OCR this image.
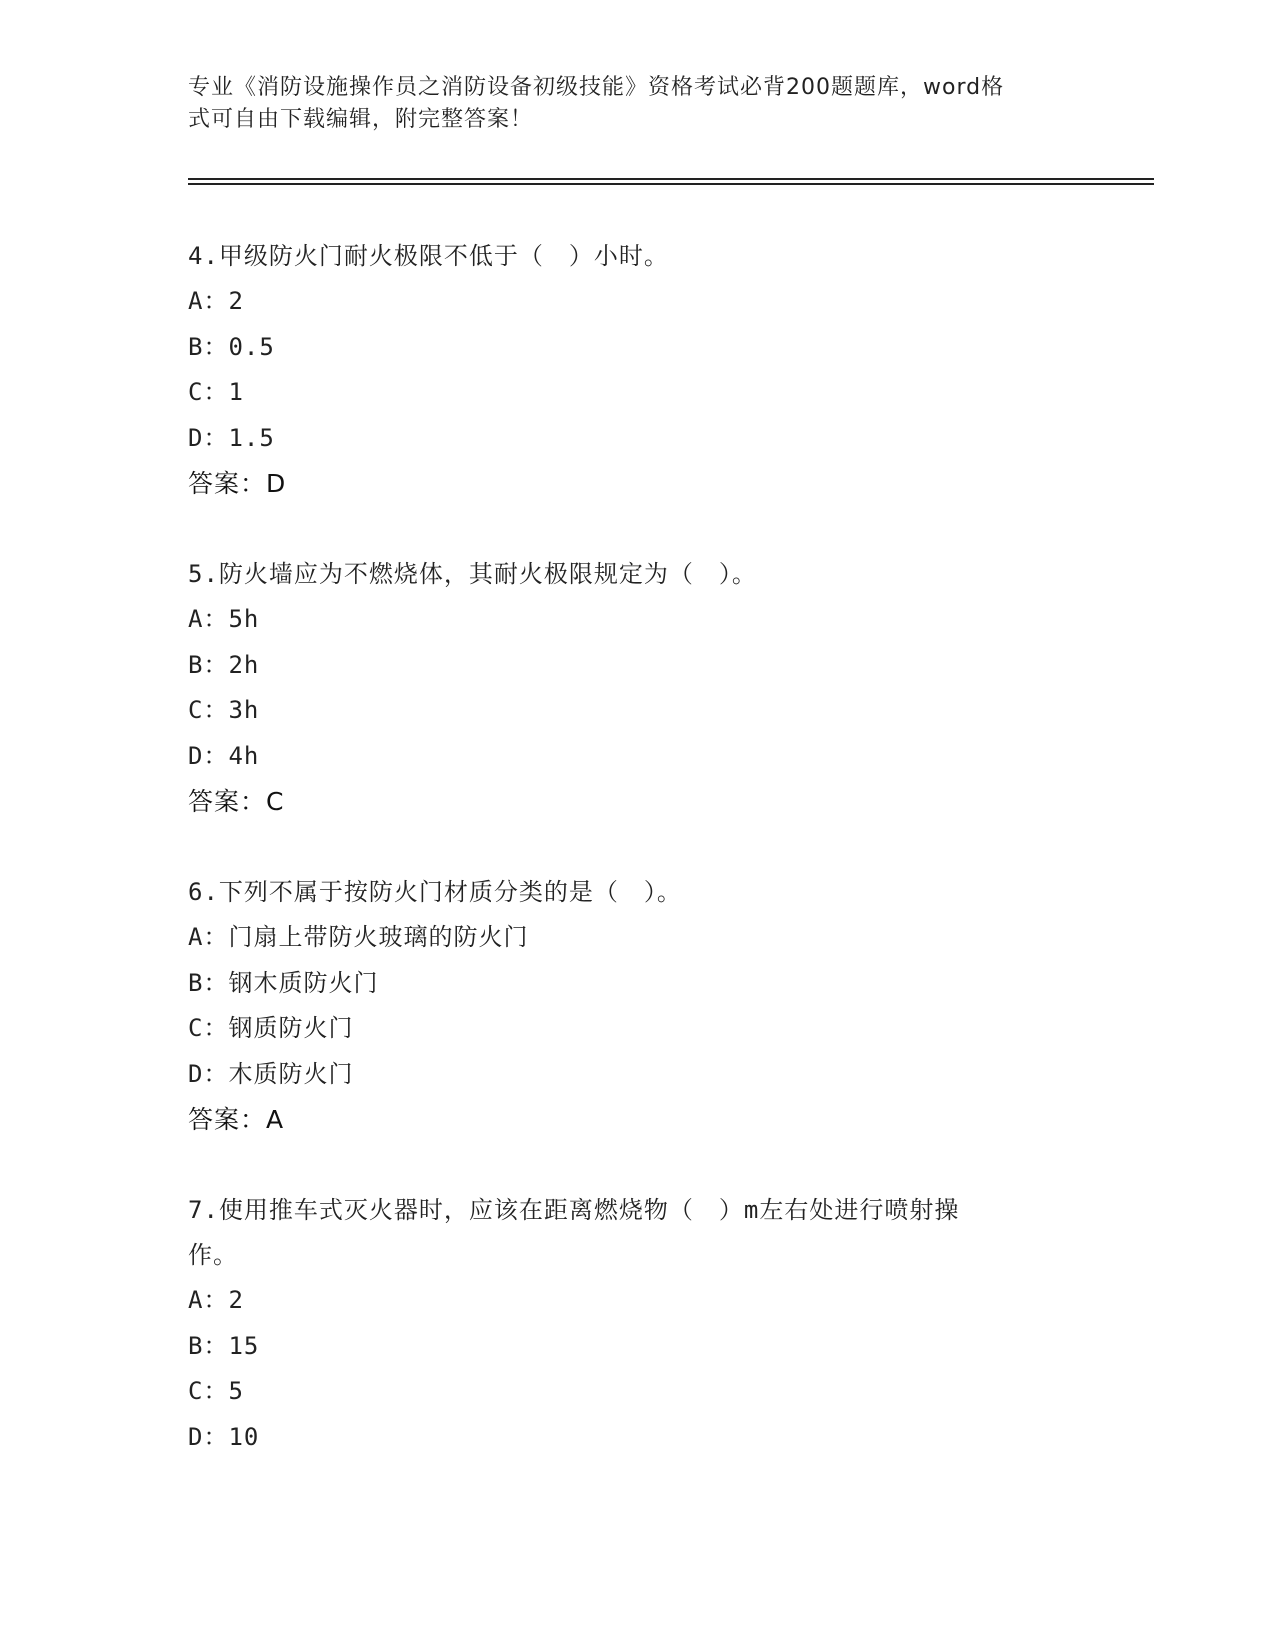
专业《消防设施操作员之消防设备初级技能》资格考试必背200题题库，word格
式可自由下载编辑，附完整答案！
4.甲级防火门耐火极限不低于（　）小时。
A：2
B：0.5
C：1
D：1.5
答案：D
5.防火墙应为不燃烧体，其耐火极限规定为（　）。
A：5h
B：2h
C：3h
D：4h
答案：C
6.下列不属于按防火门材质分类的是（　）。
A：门扇上带防火玻璃的防火门
B：钢木质防火门
C：钢质防火门
D：木质防火门
答案：A
7.使用推车式灭火器时，应该在距离燃烧物（　）m左右处进行喷射操
作。
A：2
B：15
C：5
D：10
